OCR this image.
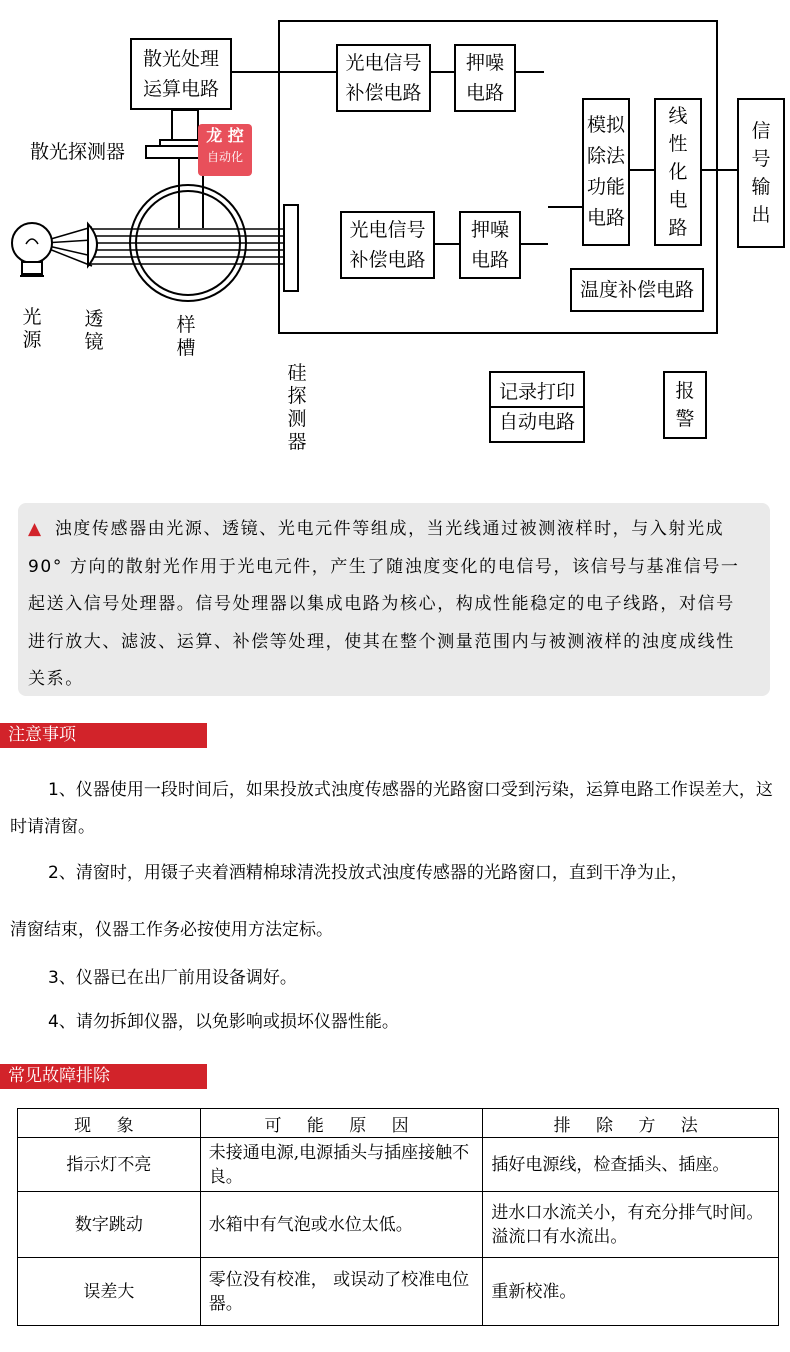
散光处理
运算电路
光电信号
补偿电路
押噪
电路
光电信号
补偿电路
押噪
电路
模拟
除法
功能
电路
线性化电路
信号输出
温度补偿电路
记录打印
自动电路
报警
散光探测器
光源
透镜
样槽
硅探测器
龙 控
自动化

▲ 浊度传感器由光源、透镜、光电元件等组成，当光线通过被测液样时，与入射光成90° 方向的散射光作用于光电元件，产生了随浊度变化的电信号，该信号与基准信号一起送入信号处理器。信号处理器以集成电路为核心，构成性能稳定的电子线路，对信号进行放大、滤波、运算、补偿等处理，使其在整个测量范围内与被测液样的浊度成线性关系。

注意事项
1、仪器使用一段时间后，如果投放式浊度传感器的光路窗口受到污染，运算电路工作误差大，这时请清窗。
2、清窗时，用镊子夹着酒精棉球清洗投放式浊度传感器的光路窗口，直到干净为止，
清窗结束，仪器工作务必按使用方法定标。
3、仪器已在出厂前用设备调好。
4、请勿拆卸仪器，以免影响或损坏仪器性能。
常见故障排除
现 象	可 能 原 因	排 除 方 法
指示灯不亮	未接通电源,电源插头与插座接触不良。	插好电源线，检查插头、插座。
数字跳动	水箱中有气泡或水位太低。	进水口水流关小，有充分排气时间。溢流口有水流出。
误差大	零位没有校准， 或误动了校准电位器。	重新校准。
